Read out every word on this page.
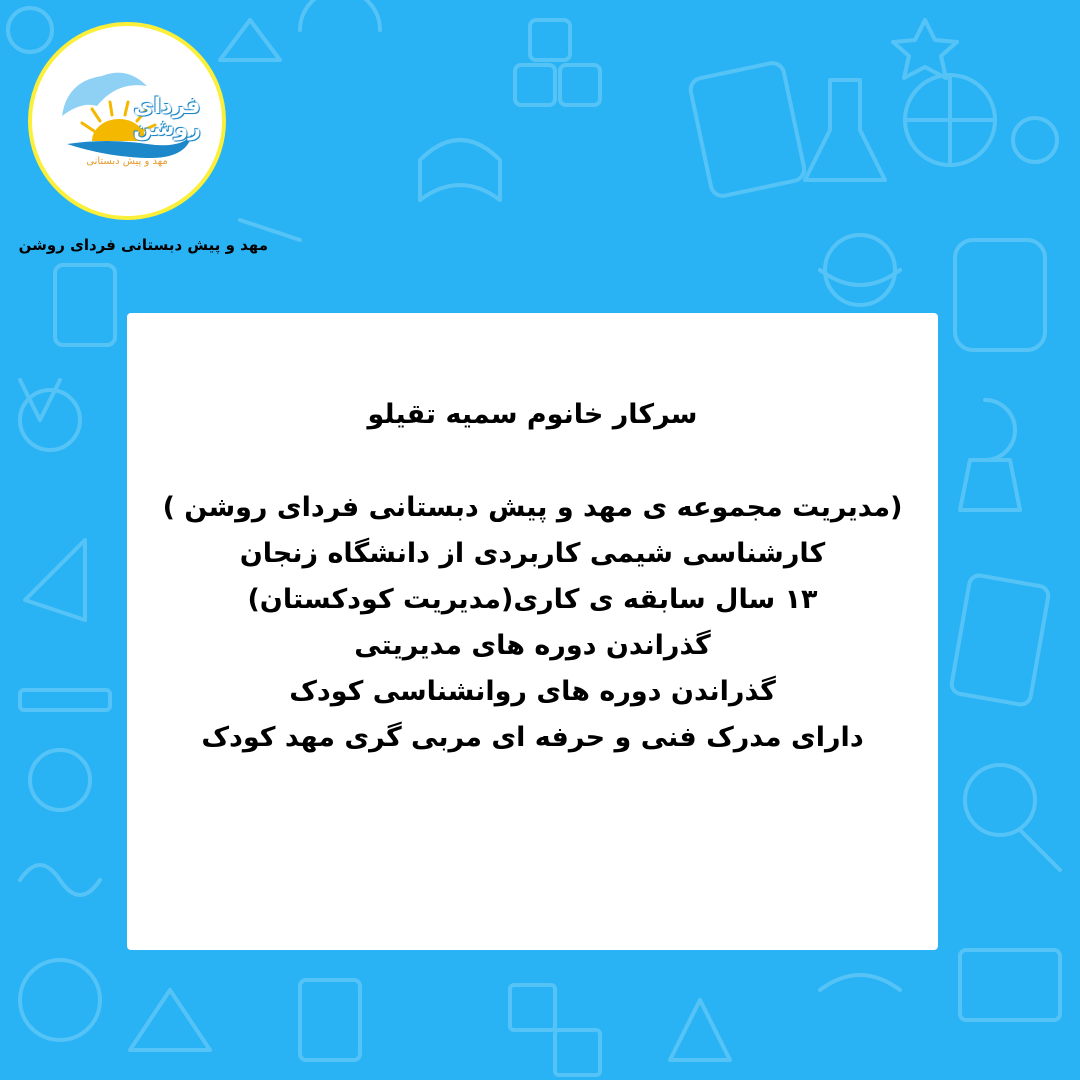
فردای
روشن
مهد و پیش دبستانی
مهد و پیش دبستانی فردای روشن
سرکار خانوم سمیه تقیلو
(مدیریت مجموعه ی مهد و پیش دبستانی فردای روشن )
کارشناسی شیمی کاربردی از دانشگاه زنجان
۱۳ سال سابقه ی کاری(مدیریت کودکستان)
گذراندن دوره های مدیریتی
گذراندن دوره های روانشناسی کودک
دارای مدرک فنی و حرفه ای مربی گری مهد کودک
